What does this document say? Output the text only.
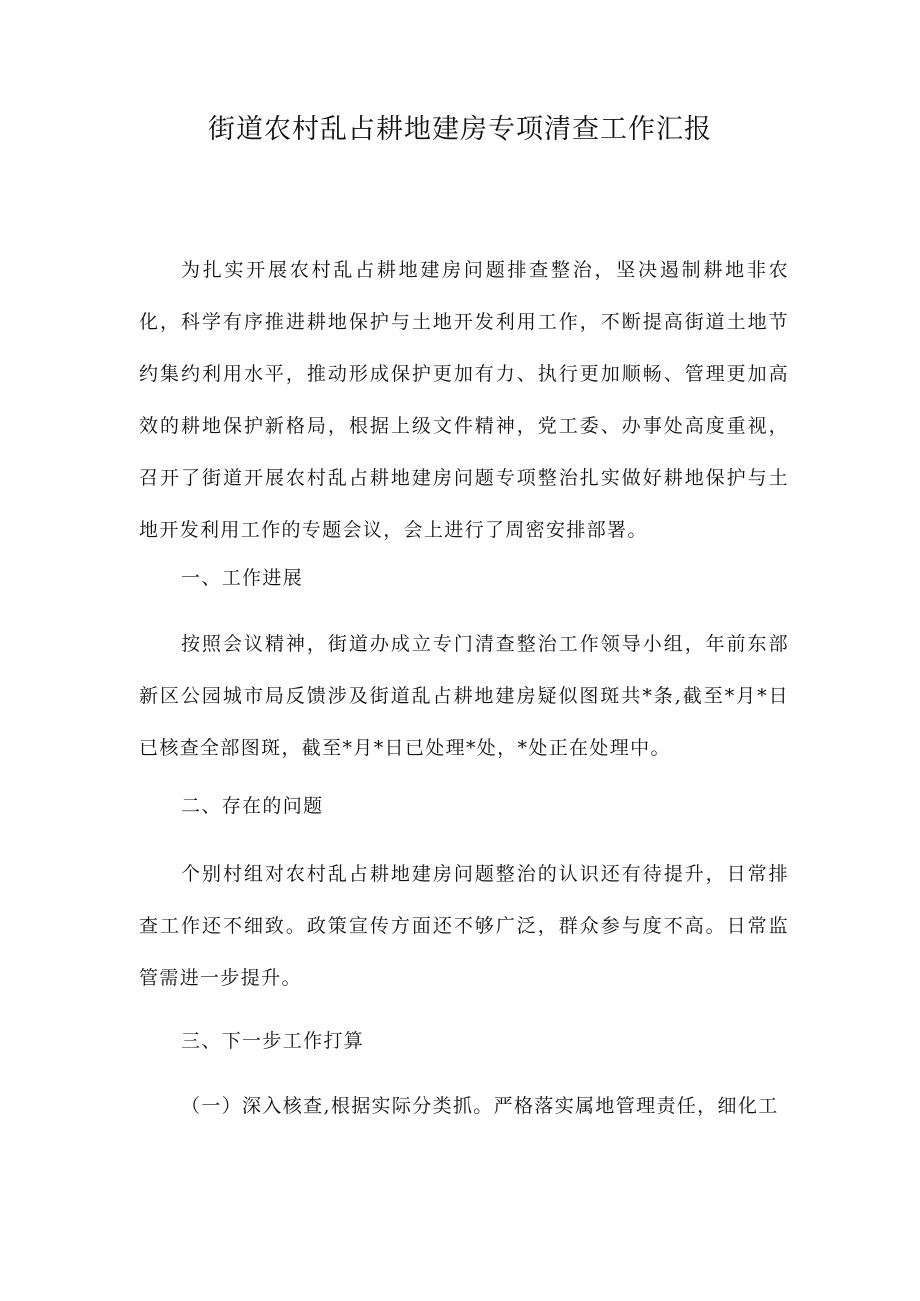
街道农村乱占耕地建房专项清查工作汇报

为扎实开展农村乱占耕地建房问题排查整治，坚决遏制耕地非农化，科学有序推进耕地保护与土地开发利用工作，不断提高街道土地节约集约利用水平，推动形成保护更加有力、执行更加顺畅、管理更加高效的耕地保护新格局，根据上级文件精神，党工委、办事处高度重视，召开了街道开展农村乱占耕地建房问题专项整治扎实做好耕地保护与土地开发利用工作的专题会议，会上进行了周密安排部署。

一、工作进展

按照会议精神，街道办成立专门清查整治工作领导小组，年前东部新区公园城市局反馈涉及街道乱占耕地建房疑似图斑共*条,截至*月*日已核查全部图斑，截至*月*日已处理*处，*处正在处理中。

二、存在的问题

个别村组对农村乱占耕地建房问题整治的认识还有待提升，日常排查工作还不细致。政策宣传方面还不够广泛，群众参与度不高。日常监管需进一步提升。

三、下一步工作打算

（一）深入核查,根据实际分类抓。严格落实属地管理责任，细化工
